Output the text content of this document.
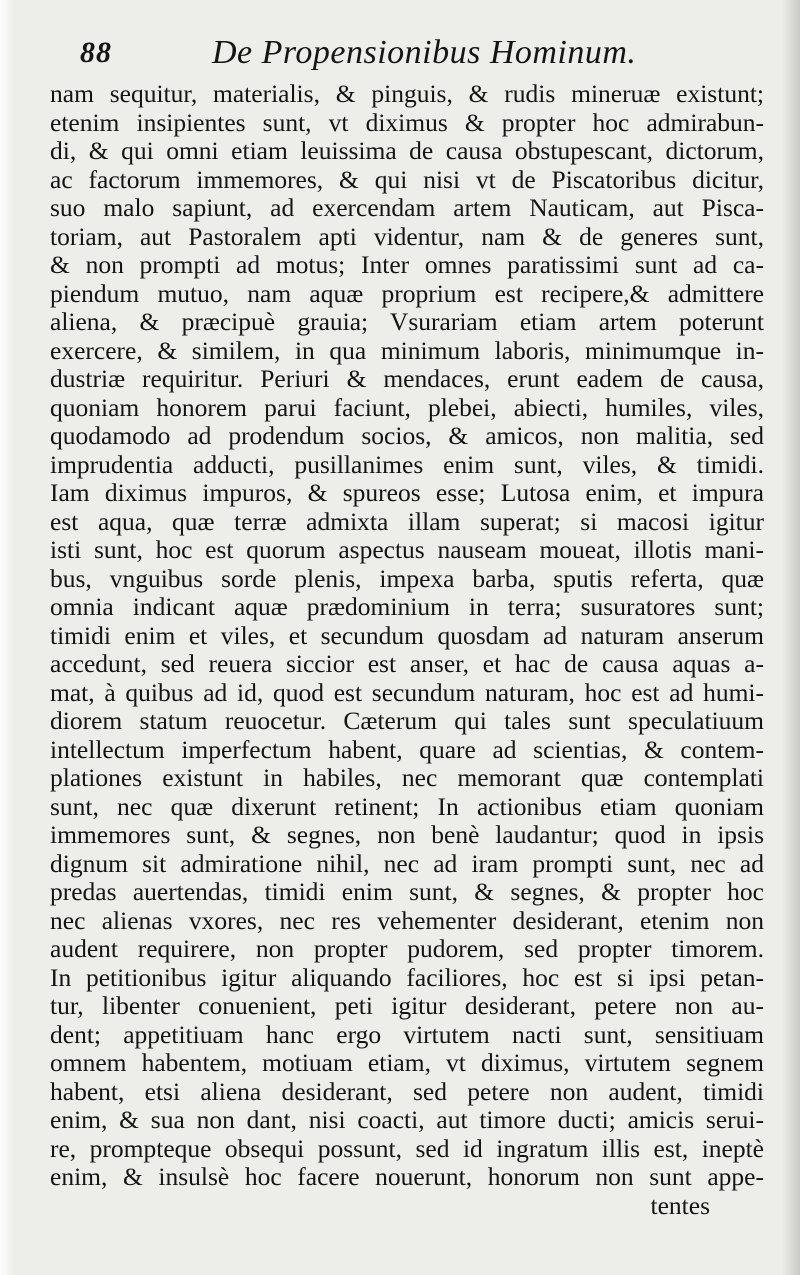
88	De Propensionibus Hominum.
nam sequitur, materialis, & pinguis, & rudis mineruæ existunt;
etenim insipientes sunt, vt diximus & propter hoc admirabun-
di, & qui omni etiam leuissima de causa obstupescant, dictorum,
ac factorum immemores, & qui nisi vt de Piscatoribus dicitur,
suo malo sapiunt, ad exercendam artem Nauticam, aut Pisca-
toriam, aut Pastoralem apti videntur, nam & de generes sunt,
& non prompti ad motus; Inter omnes paratissimi sunt ad ca-
piendum mutuo, nam aquæ proprium est recipere,& admittere
aliena, & præcipuè grauia; Vsurariam etiam artem poterunt
exercere, & similem, in qua minimum laboris, minimumque in-
dustriæ requiritur. Periuri & mendaces, erunt eadem de causa,
quoniam honorem parui faciunt, plebei, abiecti, humiles, viles,
quodamodo ad prodendum socios, & amicos, non malitia, sed
imprudentia adducti, pusillanimes enim sunt, viles, & timidi.
Iam diximus impuros, & spureos esse; Lutosa enim, et impura
est aqua, quæ terræ admixta illam superat; si macosi igitur
isti sunt, hoc est quorum aspectus nauseam moueat, illotis mani-
bus, vnguibus sorde plenis, impexa barba, sputis referta, quæ
omnia indicant aquæ prædominium in terra; susuratores sunt;
timidi enim et viles, et secundum quosdam ad naturam anserum
accedunt, sed reuera siccior est anser, et hac de causa aquas a-
mat, à quibus ad id, quod est secundum naturam, hoc est ad humi-
diorem statum reuocetur. Cæterum qui tales sunt speculatiuum
intellectum imperfectum habent, quare ad scientias, & contem-
plationes existunt in habiles, nec memorant quæ contemplati
sunt, nec quæ dixerunt retinent; In actionibus etiam quoniam
immemores sunt, & segnes, non benè laudantur; quod in ipsis
dignum sit admiratione nihil, nec ad iram prompti sunt, nec ad
predas auertendas, timidi enim sunt, & segnes, & propter hoc
nec alienas vxores, nec res vehementer desiderant, etenim non
audent requirere, non propter pudorem, sed propter timorem.
In petitionibus igitur aliquando faciliores, hoc est si ipsi petan-
tur, libenter conuenient, peti igitur desiderant, petere non au-
dent; appetitiuam hanc ergo virtutem nacti sunt, sensitiuam
omnem habentem, motiuam etiam, vt diximus, virtutem segnem
habent, etsi aliena desiderant, sed petere non audent, timidi
enim, & sua non dant, nisi coacti, aut timore ducti; amicis serui-
re, prompteque obsequi possunt, sed id ingratum illis est, ineptè
enim, & insulsè hoc facere nouerunt, honorum non sunt appe-
tentes
